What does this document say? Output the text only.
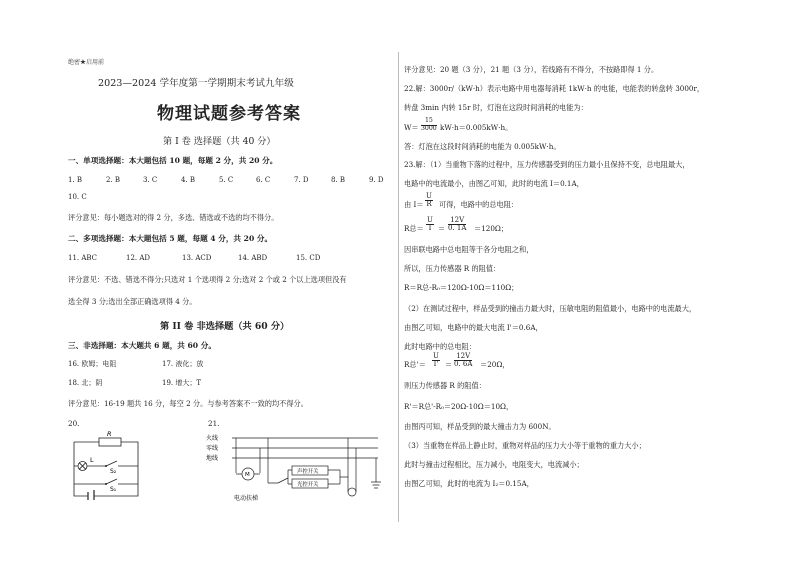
绝密★启用前
2023—2024 学年度第一学期期末考试九年级
物理试题参考答案
第 I 卷 选择题（共 40 分）
一、单项选择题：本大题包括 10 题，每题 2 分，共 20 分。
1. B	2. B	3. C	4. B	5. C	6. C	7. D	8. B	9. D
10. C
评分意见：每小题选对的得 2 分，多选、错选或不选的均不得分。
二、多项选择题：本大题包括 5 题，每题 4 分，共 20 分。
11. ABC	12. AD	13. ACD	14. ABD	15. CD
评分意见：不选、错选不得分;只选对 1 个选项得 2 分;选对 2 个或 2 个以上选项但没有
选全得 3 分;选出全部正确选项得 4 分。
第 II 卷 非选择题（共 60 分）
三、非选择题：本大题共 6 题，共 60 分。
16. 欧姆；电阻	17. 液化；放
18. 北；阴	19. 增大；T
评分意见：16-19 题共 16 分，每空 2 分。与参考答案不一致的均不得分。
20.	21.
R
L
S₂
S₁
火线
零线
地线
M	声控开关
光控开关
电动扶梯
评分意见：20 题（3 分），21 题（3 分），若线路有不得分，不按路即得 1 分。
22.解：3000r/（kW·h）表示电路中用电器每消耗 1kW·h 的电能，电能表的转盘转 3000r，
转盘 3min 内转 15r 时，灯泡在这段时间消耗的电能为：
$W= \frac{15}{3000} kW\cdot h=0.005kW\cdot h$。
答：灯泡在这段时间消耗的电能为 0.005kW·h。
23.解：（1）当重物下落的过程中，压力传感器受到的压力最小且保持不变，总电阻最大，
电路中的电流最小，由图乙可知，此时的电流 I＝0.1A，
由 $I= \frac{U}{R}$ 可得，电路中的总电阻：
R总＝ $\frac{U}{I} = \frac{12V}{0. 1A} =120\Omega$；
因串联电路中总电阻等于各分电阻之和，
所以，压力传感器 R 的阻值：
R＝R总-R₀＝120Ω-10Ω＝110Ω；
（2）在测试过程中，样品受到的撞击力最大时，压敏电阻的阻值最小，电路中的电流最大，
由图乙可知，电路中的最大电流 I'＝0.6A，
此时电路中的总电阻：
R总'＝ $\frac{U}{I'} = \frac{12V}{0. 6A} =20\Omega$，
则压力传感器 R 的阻值：
R'＝R总'-R₀＝20Ω-10Ω＝10Ω，
由图丙可知，样品受到的最大撞击力为 600N。
（3）当重物在样品上静止时，重物对样品的压力大小等于重物的重力大小；
此时与撞击过程相比，压力减小，电阻变大，电流减小；
由图乙可知，此时的电流为 I₂＝0.15A，
